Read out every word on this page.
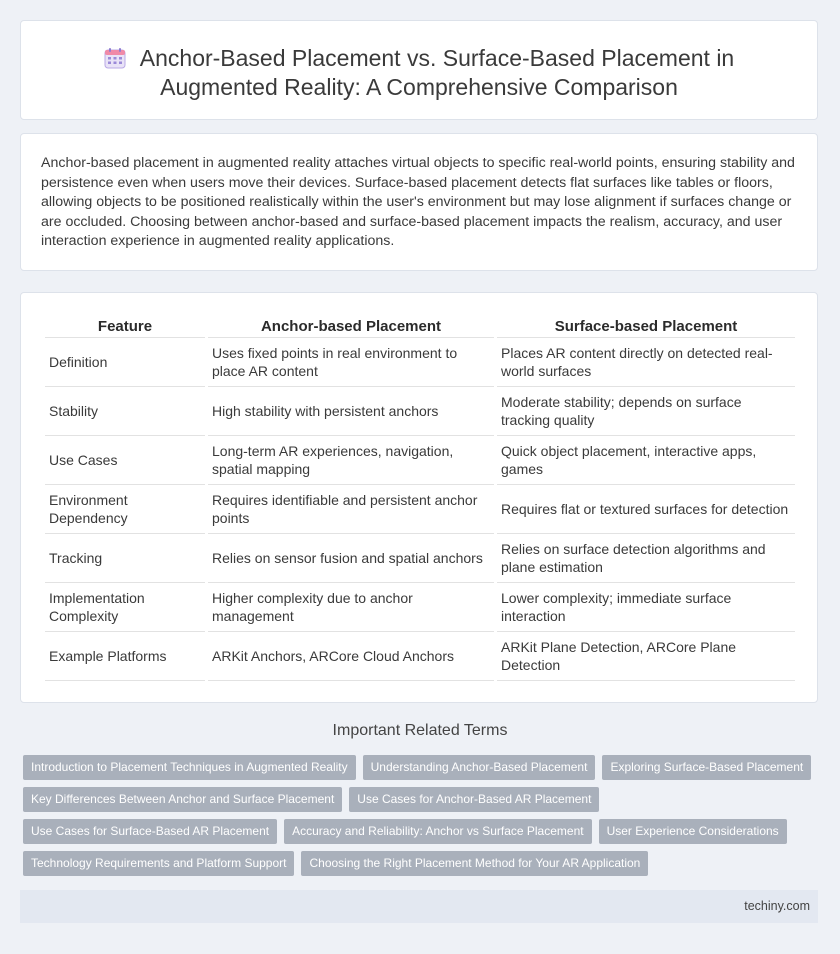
Anchor-Based Placement vs. Surface-Based Placement in
Augmented Reality: A Comprehensive Comparison
Anchor-based placement in augmented reality attaches virtual objects to specific real-world points, ensuring stability and persistence even when users move their devices. Surface-based placement detects flat surfaces like tables or floors, allowing objects to be positioned realistically within the user's environment but may lose alignment if surfaces change or are occluded. Choosing between anchor-based and surface-based placement impacts the realism, accuracy, and user interaction experience in augmented reality applications.
Feature	Anchor-based Placement	Surface-based Placement
Definition	Uses fixed points in real environment to place AR content	Places AR content directly on detected real-world surfaces
Stability	High stability with persistent anchors	Moderate stability; depends on surface tracking quality
Use Cases	Long-term AR experiences, navigation, spatial mapping	Quick object placement, interactive apps, games
Environment Dependency	Requires identifiable and persistent anchor points	Requires flat or textured surfaces for detection
Tracking	Relies on sensor fusion and spatial anchors	Relies on surface detection algorithms and plane estimation
Implementation Complexity	Higher complexity due to anchor management	Lower complexity; immediate surface interaction
Example Platforms	ARKit Anchors, ARCore Cloud Anchors	ARKit Plane Detection, ARCore Plane Detection
Important Related Terms
Introduction to Placement Techniques in Augmented Reality	Understanding Anchor-Based Placement	Exploring Surface-Based Placement
Key Differences Between Anchor and Surface Placement	Use Cases for Anchor-Based AR Placement
Use Cases for Surface-Based AR Placement	Accuracy and Reliability: Anchor vs Surface Placement	User Experience Considerations
Technology Requirements and Platform Support	Choosing the Right Placement Method for Your AR Application
techiny.com
